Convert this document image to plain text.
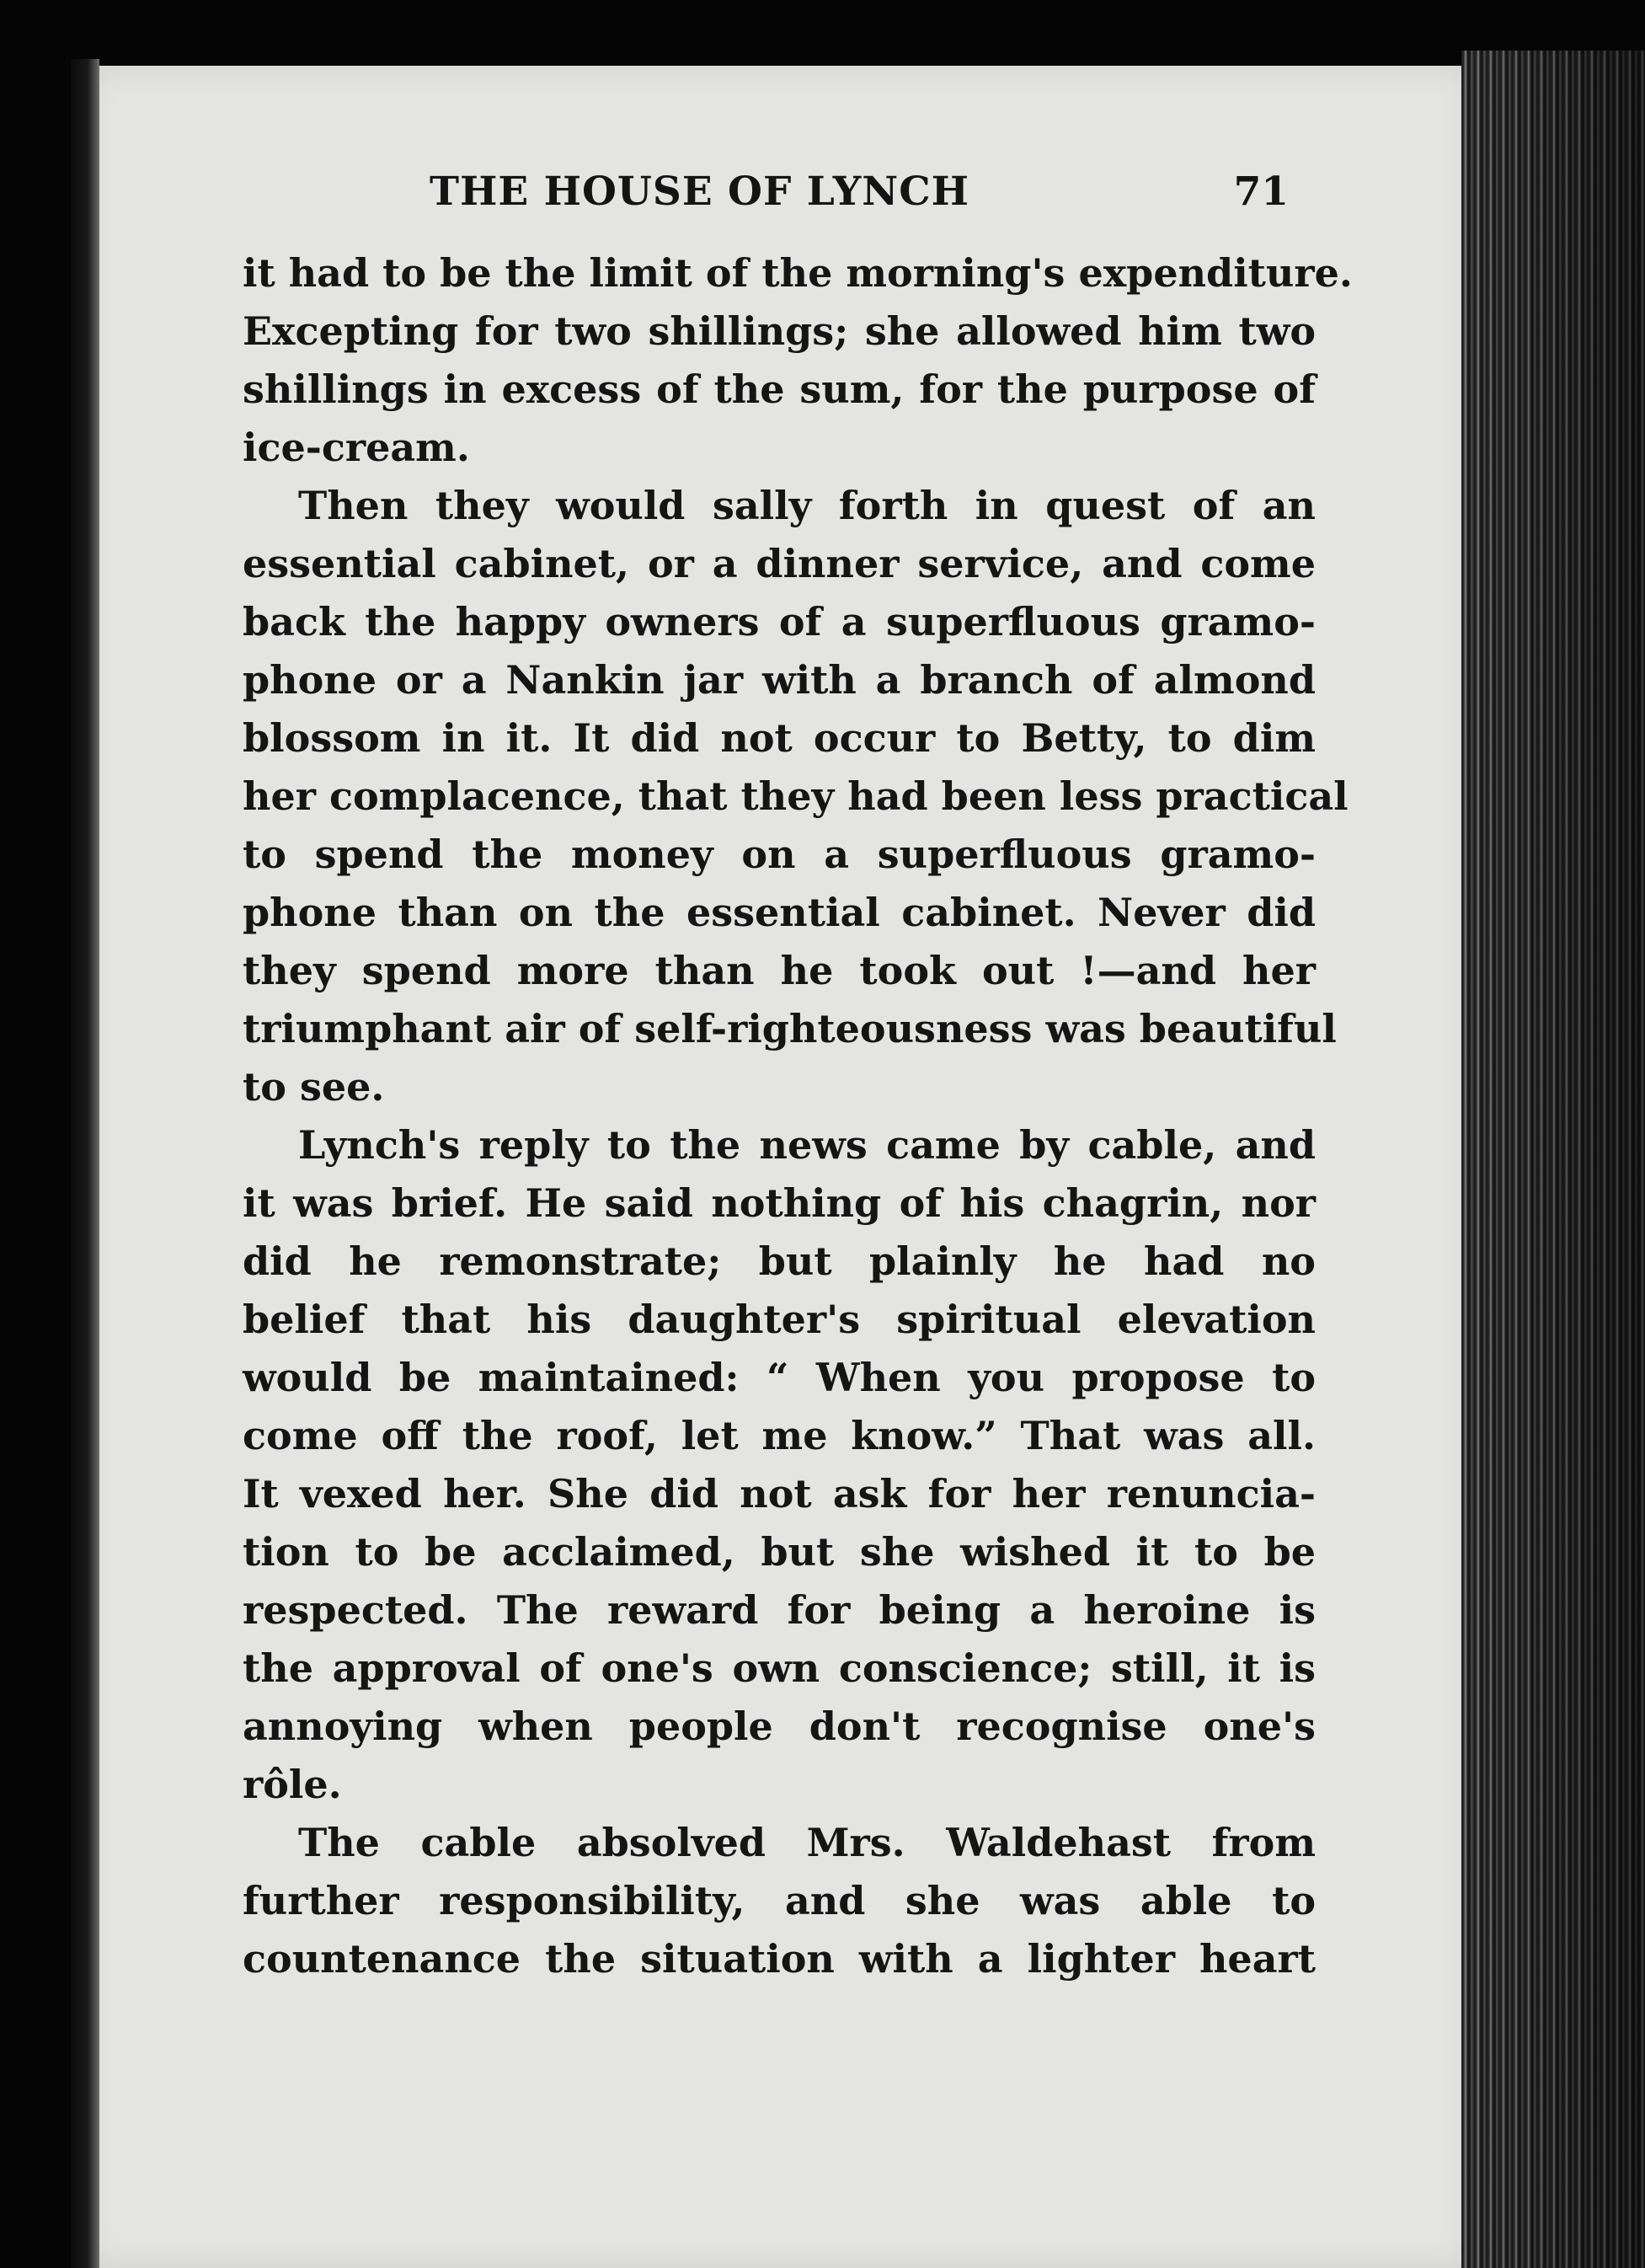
THE HOUSE OF LYNCH	71
it had to be the limit of the morning's expenditure.
Excepting for two shillings; she allowed him two
shillings in excess of the sum, for the purpose of
ice-cream.
Then they would sally forth in quest of an
essential cabinet, or a dinner service, and come
back the happy owners of a superfluous gramo-
phone or a Nankin jar with a branch of almond
blossom in it. It did not occur to Betty, to dim
her complacence, that they had been less practical
to spend the money on a superfluous gramo-
phone than on the essential cabinet. Never did
they spend more than he took out !—and her
triumphant air of self-righteousness was beautiful
to see.
Lynch's reply to the news came by cable, and
it was brief. He said nothing of his chagrin, nor
did he remonstrate; but plainly he had no
belief that his daughter's spiritual elevation
would be maintained: “ When you propose to
come off the roof, let me know.” That was all.
It vexed her. She did not ask for her renuncia-
tion to be acclaimed, but she wished it to be
respected. The reward for being a heroine is
the approval of one's own conscience; still, it is
annoying when people don't recognise one's
rôle.
The cable absolved Mrs. Waldehast from
further responsibility, and she was able to
countenance the situation with a lighter heart
